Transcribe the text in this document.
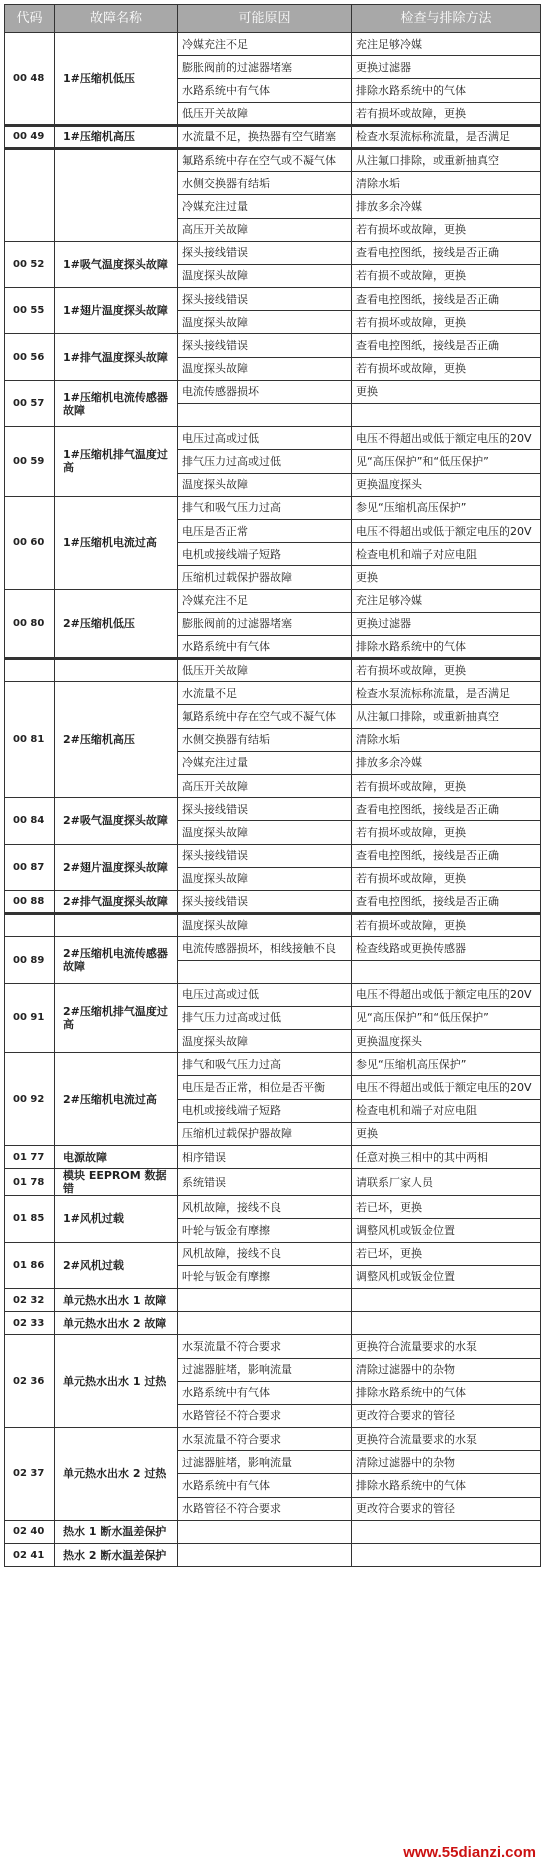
代码	故障名称	可能原因	检查与排除方法
00 48	1#压缩机低压	冷媒充注不足	充注足够冷媒
		膨胀阀前的过滤器堵塞	更换过滤器
		水路系统中有气体	排除水路系统中的气体
		低压开关故障	若有损坏或故障，更换
00 49	1#压缩机高压	水流量不足，换热器有空气睹塞	检查水泵流标称流量，是否满足
		氟路系统中存在空气或不凝气体	从注氟口排除，或重新抽真空
		水侧交换器有结垢	清除水垢
		冷媒充注过量	排放多余冷媒
		高压开关故障	若有损坏或故障，更换
00 52	1#吸气温度探头故障	探头接线错误	查看电控图纸，接线是否正确
		温度探头故障	若有损不或故障，更换
00 55	1#翅片温度探头故障	探头接线错误	查看电控图纸，接线是否正确
		温度探头故障	若有损坏或故障，更换
00 56	1#排气温度探头故障	探头接线错误	查看电控图纸，接线是否正确
		温度探头故障	若有损坏或故障，更换
00 57	1#压缩机电流传感器故障	电流传感器损坏	更换

00 59	1#压缩机排气温度过高	电压过高或过低	电压不得超出或低于额定电压的20V
		排气压力过高或过低	见“高压保护”和“低压保护”
		温度探头故障	更换温度探头
00 60	1#压缩机电流过高	排气和吸气压力过高	参见“压缩机高压保护”
		电压是否正常	电压不得超出或低于额定电压的20V
		电机或接线端子短路	检查电机和端子对应电阻
		压缩机过载保护器故障	更换
00 80	2#压缩机低压	冷媒充注不足	充注足够冷媒
		膨胀阀前的过滤器堵塞	更换过滤器
		水路系统中有气体	排除水路系统中的气体
		低压开关故障	若有损坏或故障，更换
00 81	2#压缩机高压	水流量不足	检查水泵流标称流量，是否满足
		氟路系统中存在空气或不凝气体	从注氟口排除，或重新抽真空
		水侧交换器有结垢	清除水垢
		冷媒充注过量	排放多余冷媒
		高压开关故障	若有损坏或故障，更换
00 84	2#吸气温度探头故障	探头接线错误	查看电控图纸，接线是否正确
		温度探头故障	若有损坏或故障，更换
00 87	2#翅片温度探头故障	探头接线错误	查看电控图纸，接线是否正确
		温度探头故障	若有损坏或故障，更换
00 88	2#排气温度探头故障	探头接线错误	查看电控图纸，接线是否正确
		温度探头故障	若有损坏或故障，更换
00 89	2#压缩机电流传感器故障	电流传感器损坏，相线接触不良	检查线路或更换传感器

00 91	2#压缩机排气温度过高	电压过高或过低	电压不得超出或低于额定电压的20V
		排气压力过高或过低	见“高压保护”和“低压保护”
		温度探头故障	更换温度探头
00 92	2#压缩机电流过高	排气和吸气压力过高	参见“压缩机高压保护”
		电压是否正常，相位是否平衡	电压不得超出或低于额定电压的20V
		电机或接线端子短路	检查电机和端子对应电阻
		压缩机过载保护器故障	更换
01 77	电源故障	相序错误	任意对换三相中的其中两相
01 78	模块 EEPROM 数据错	系统错误	请联系厂家人员
01 85	1#风机过载	风机故障，接线不良	若已坏，更换
		叶轮与钣金有摩擦	调整风机或钣金位置
01 86	2#风机过载	风机故障，接线不良	若已坏，更换
		叶轮与钣金有摩擦	调整风机或钣金位置
02 32	单元热水出水 1 故障		
02 33	单元热水出水 2 故障		
02 36	单元热水出水 1 过热	水泵流量不符合要求	更换符合流量要求的水泵
		过滤器脏堵，影响流量	清除过滤器中的杂物
		水路系统中有气体	排除水路系统中的气体
		水路管径不符合要求	更改符合要求的管径
02 37	单元热水出水 2 过热	水泵流量不符合要求	更换符合流量要求的水泵
		过滤器脏堵，影响流量	清除过滤器中的杂物
		水路系统中有气体	排除水路系统中的气体
		水路管径不符合要求	更改符合要求的管径
02 40	热水 1 断水温差保护		
02 41	热水 2 断水温差保护		
www.55dianzi.com
